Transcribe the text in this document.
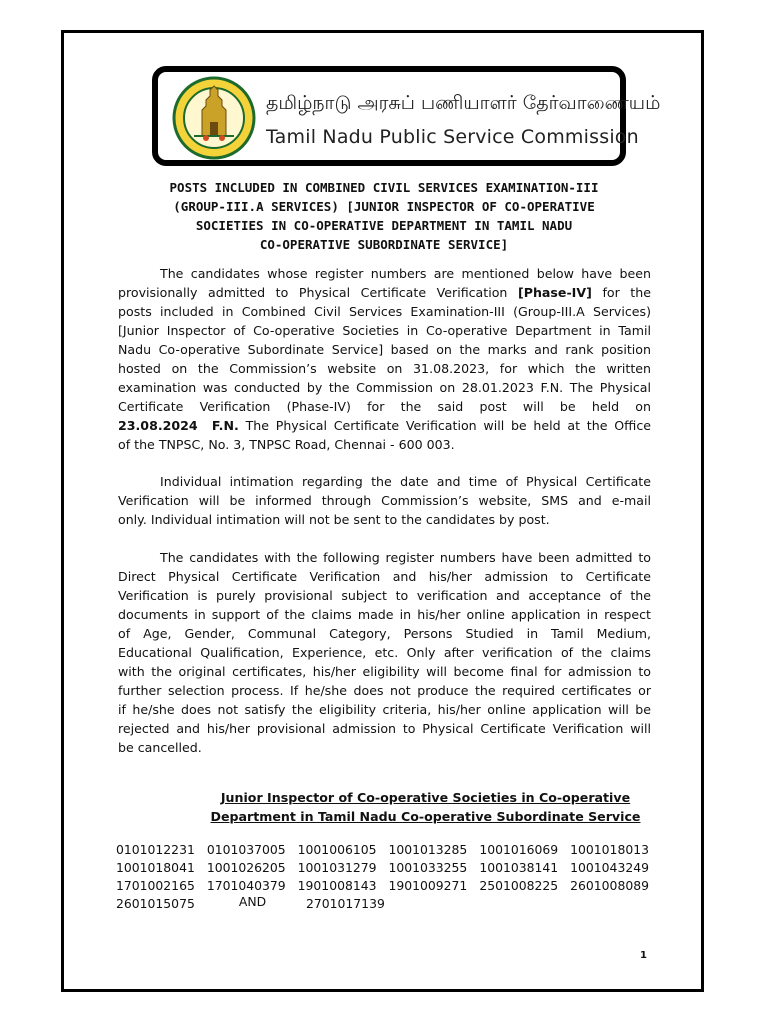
தமிழ்நாடு அரசுப் பணியாளர் தேர்வாணையம்
Tamil Nadu Public Service Commission
POSTS INCLUDED IN COMBINED CIVIL SERVICES EXAMINATION-III
(GROUP-III.A SERVICES) [JUNIOR INSPECTOR OF CO-OPERATIVE
SOCIETIES IN CO-OPERATIVE DEPARTMENT IN TAMIL NADU
CO-OPERATIVE SUBORDINATE SERVICE]
The candidates whose register numbers are mentioned below have been
provisionally admitted to Physical Certificate Verification [Phase-IV] for the
posts included in Combined Civil Services Examination-III (Group-III.A Services)
[Junior Inspector of Co-operative Societies in Co-operative Department in Tamil
Nadu Co-operative Subordinate Service] based on the marks and rank position
hosted on the Commission’s website on 31.08.2023, for which the written
examination was conducted by the Commission on 28.01.2023 F.N. The Physical
Certificate Verification (Phase-IV) for the said post will be held on
23.08.2024  F.N. The Physical Certificate Verification will be held at the Office
of the TNPSC, No. 3, TNPSC Road, Chennai - 600 003.
Individual intimation regarding the date and time of Physical Certificate
Verification will be informed through Commission’s website, SMS and e-mail
only. Individual intimation will not be sent to the candidates by post.
The candidates with the following register numbers have been admitted to
Direct Physical Certificate Verification and his/her admission to Certificate
Verification is purely provisional subject to verification and acceptance of the
documents in support of the claims made in his/her online application in respect
of Age, Gender, Communal Category, Persons Studied in Tamil Medium,
Educational Qualification, Experience, etc. Only after verification of the claims
with the original certificates, his/her eligibility will become final for admission to
further selection process. If he/she does not produce the required certificates or
if he/she does not satisfy the eligibility criteria, his/her online application will be
rejected and his/her provisional admission to Physical Certificate Verification will
be cancelled.
Junior Inspector of Co-operative Societies in Co-operative
Department in Tamil Nadu Co-operative Subordinate Service
0101012231 0101037005 1001006105 1001013285 1001016069 1001018013
1001018041 1001026205 1001031279 1001033255 1001038141 1001043249
1701002165 1701040379 1901008143 1901009271 2501008225 2601008089
2601015075	AND	2701017139
1
